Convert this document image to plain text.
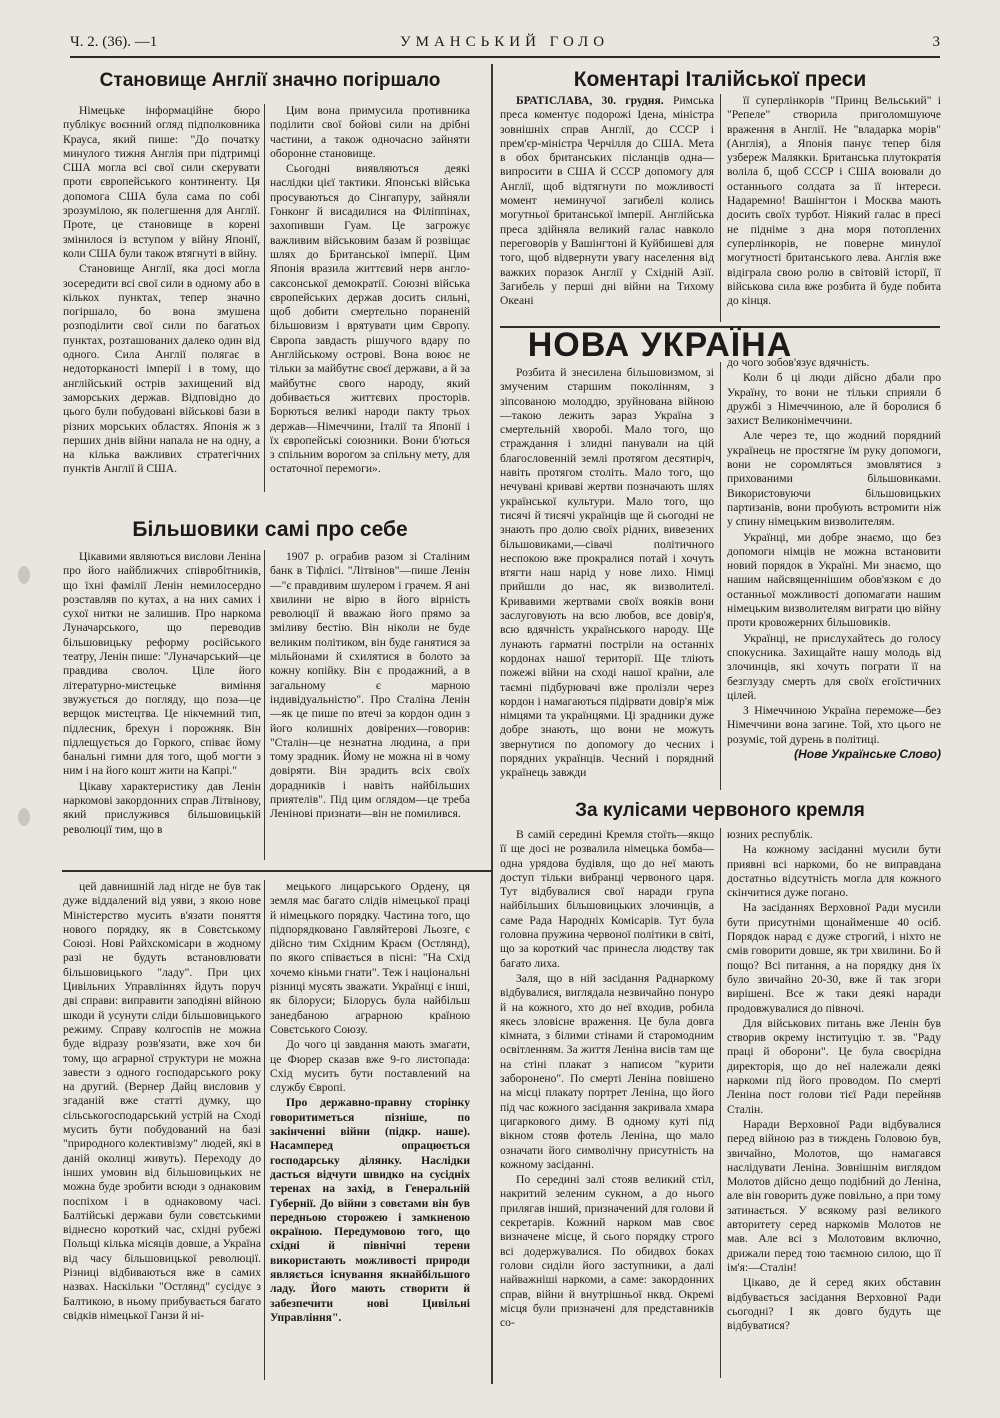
Ч. 2. (36). —1	УМАНСЬКИЙ ГОЛО	3
Становище Англії значно погіршало

Німецьке інформаційне бюро публікує воєнний огляд підполковника Крауса, який пише: "До початку минулого тижня Англія при підтримці США могла всі свої сили скерувати проти європейського континенту. Ця допомога США була сама по собі зрозумілою, як полегшення для Англії. Проте, це становище в корені змінилося із вступом у війну Японії, коли США були також втягнуті в війну.

Становище Англії, яка досі могла зосередити всі свої сили в одному або в кількох пунктах, тепер значно погіршало, бо вона змушена розподілити свої сили по багатьох пунктах, розташованих далеко один від одного. Сила Англії полягає в недоторканості імперії і в тому, що англійський острів захищений від заморських держав. Відповідно до цього були побудовані військові бази в різних морських областях. Японія ж з перших днів війни напала не на одну, а на кілька важливих стратегічних пунктів Англії й США.

Цим вона примусила противника поділити свої бойові сили на дрібні частини, а також одночасно зайняти оборонне становище.

Сьогодні виявляються деякі наслідки цієї тактики. Японські війська просуваються до Сінгапуру, зайняли Гонконг й висадилися на Філіппінах, захопивши Гуам. Це загрожує важливим військовим базам й розвіщає шлях до Британської імперії. Цим Японія вразила життєвий нерв англо-саксонської демократії. Союзні війська європейських держав досить сильні, щоб добити смертельно пораненій більшовизм і врятувати цим Європу. Європа завдасть рішучого вдару по Англійському острові. Вона воює не тільки за майбутнє своєї держави, а й за майбутнє свого народу, який добивається життєвих просторів. Борються великі народи пакту трьох держав—Німеччини, Італії та Японії і їх європейські союзники. Вони б'ються з спільним ворогом за спільну мету, для остаточної перемоги».

Більшовики самі про себе

Цікавими являються вислови Леніна про його найближчих співробітників, що їхні фамілії Ленін немилосердно розставляв по кутах, а на них самих і сухої нитки не залишив. Про наркома Луначарського, що переводив більшовицьку реформу російського театру, Ленін пише: "Луначарський—це правдива сволоч. Ціле його літературно-мистецьке виміння звужується до погляду, що поза—це верщок мистецтва. Це нікчемний тип, підлесник, брехун і порожняк. Він підлещується до Горкого, співає йому банальні гимни для того, щоб могти з ним і на його кошт жити на Капрі."

Цікаву характеристику дав Ленін наркомові закордонних справ Літвінову, який прислужився більшовицькій революції тим, що в

1907 р. ограбив разом зі Сталіним банк в Тіфлісі. "Літвінов"—пише Ленін—"є правдивим шулером і грачем. Я ані хвилини не вірю в його вірність революції й вважаю його прямо за зміливу бестію. Він ніколи не буде великим політиком, він буде ганятися за мільйонами й схилятися в болото за кожну копійку. Він є продажний, а в загальному є марною індивідуальністю". Про Сталіна Ленін—як це пише по втечі за кордон один з його колишніх довірених—говорив: "Сталін—це незнатна людина, а при тому зрадник. Йому не можна ні в чому довіряти. Він зрадить всіх своїх дорадників і навіть найбільших приятелів". Під цим оглядом—це треба Ленінові признати—він не помилився.

цей давнишній лад нігде не був так дуже віддалений від уяви, з якою нове Міністерство мусить в'язати поняття нового порядку, як в Совєтському Союзі. Нові Райхскомісари в жодному разі не будуть встановлювати більшовицького "ладу". При цих Цивільних Управліннях йдуть поруч дві справи: виправити заподіяні війною шкоди й усунути сліди більшовицького режиму. Справу колгоспів не можна буде відразу розв'язати, вже хоч би тому, що аграрної структури не можна завести з одного господарського року на другий. (Вернер Дайц висловив у згаданій вже статті думку, що сільськогосподарський устрій на Сході мусить бути побудований на базі "природного колективізму" людей, які в даній околиці живуть). Переходу до інших умовин від більшовицьких не можна буде зробити всюди з однаковим поспіхом і в однаковому часі. Балтійські держави були совєтськими віднесно короткий час, східні рубежі Польщі кілька місяців довше, а Україна від часу більшовицької революції. Різниці відбиваються вже в самих назвах. Наскільки "Остлянд" сусідує з Балтикою, в ньому прибувається багато свідків німецької Ганзи й ні-

мецького лицарського Ордену, ця земля має багато слідів німецької праці й німецького порядку. Частина того, що підпорядковано Гавляйтерові Льозге, є дійсно тим Східним Краєм (Остлянд), по якого співається в пісні: "На Схід хочемо кіньми гнати". Теж і національні різниці мусять зважати. Українці є інші, як білоруси; Білорусь була найбільш занедбаною аграрною країною Совєтського Союзу.

До чого ці завдання мають змагати, це Фюрер сказав вже 9-го листопада: Схід мусить бути поставлений на службу Європі.

Про державно-правну сторінку говоритиметься пізніше, по закінченні війни (підкр. наше). Насамперед опрацюється господарську ділянку. Наслідки дасться відчути швидко на сусідніх теренах на захід, в Генеральній Губернії. До війни з совєтами він був передньою сторожею і замкненою окраїною. Передумовою того, що східні й північні терени використають можливості природи являється існування якнайбільшого ладу. Його мають створити й забезпечити нові Цивільні Управління".

Коментарі Італійської преси

БРАТІСЛАВА, 30. грудня. Римська преса коментує подорожі Ідена, міністра зовнішніх справ Англії, до СССР і прем'єр-міністра Черчілля до США. Мета в обох британських післанців одна—випросити в США й СССР допомогу для Англії, щоб відтягнути по можливості момент неминучої загибелі колись могутньої британської імперії. Англійська преса здійняла великий галас навколо переговорів у Вашінгтоні й Куйбишеві для того, щоб відвернути увагу населення від важких поразок Англії у Східній Азії. Загибель у перші дні війни на Тихому Океані

її суперлінкорів "Принц Вельський" і "Репеле" створила приголомшуюче враження в Англії. Не "владарка морів" (Англія), а Японія панує тепер біля узбереж Малякки. Британська плутократія воліла б, щоб СССР і США воювали до останнього солдата за її інтереси. Надаремно! Вашінгтон і Москва мають досить своїх турбот. Ніякий галас в пресі не підніме з дна моря потоплених суперлінкорів, не поверне минулої могутності британського лева. Англія вже відіграла свою ролю в світовій історії, її військова сила вже розбита й буде побита до кінця.

НОВА УКРАЇНА

Розбита й знесилена більшовизмом, зі змученим старшим поколінням, з зіпсованою молоддю, зруйнована війною—такою лежить зараз Україна з смертельній хворобі. Мало того, що страждання і злидні панували на цій благословенній землі протягом десятиріч, навіть протягом століть. Мало того, що нечувані криваві жертви позначають шлях української культури. Мало того, що тисячі й тисячі українців ще й сьогодні не знають про долю своїх рідних, вивезених більшовиками,—сівачі політичного неспокою вже прокралися потай і хочуть втягти наш нарід у нове лихо. Німці прийшли до нас, як визволителі. Кривавими жертвами своїх вояків вони заслуговують на всю любов, все довір'я, всю вдячність українського народу. Ще лунають гарматні постріли на останніх кордонах нашої території. Ще тліють пожежі війни на сході нашої країни, але таємні підбурювачі вже пролізли через кордон і намагаються підірвати довір'я між німцями та українцями. Ці зрадники дуже добре знають, що вони не можуть звернутися по допомогу до чесних і порядних українців. Чесний і порядний українець завжди

до чого зобов'язує вдячність.

Коли б ці люди дійсно дбали про Україну, то вони не тільки сприяли б дружбі з Німеччиною, але й боролися б захист Великонімеччини.

Але через те, що жодний порядний українець не простягне їм руку допомоги, вони не соромляться змовлятися з прихованими більшовиками. Використовуючи більшовицьких партизанів, вони пробують встромити ніж у спину німецьким визволителям.

Українці, ми добре знаємо, що без допомоги німців не можна встановити новий порядок в Україні. Ми знаємо, що нашим найсвященнішим обов'язком є до останньої можливості допомагати нашим німецьким визволителям виграти цю війну проти кровожерних більшовиків.

Українці, не прислухайтесь до голосу спокусника. Захищайте нашу молодь від злочинців, які хочуть пограти її на безглузду смерть для своїх егоїстичних цілей.

З Німеччиною Україна переможе—без Німеччини вона загине. Той, хто цього не розуміє, той дурень в політиці.

(Нове Українське Слово)
За кулісами червоного кремля

В самій середині Кремля стоїть—якщо її ще досі не розвалила німецька бомба—одна урядова будівля, що до неї мають доступ тільки вибранці червоного царя. Тут відбувалися свої наради група найбільших більшовицьких злочинців, а саме Рада Народніх Комісарів. Тут була головна пружина червоної політики в світі, що за короткий час принесла людству так багато лиха.

Заля, що в ній засідання Раднаркому відбувалися, виглядала незвичайно понуро й на кожного, хто до неї входив, робила якесь зловісне враження. Це була довга кімната, з білими стінами й старомодним освітленням. За життя Леніна висів там ще на стіні плакат з написом "курити заборонено". По смерті Леніна повішено на місці плакату портрет Леніна, що його під час кожного засідання закривала хмара цигаркового диму. В одному куті під вікном стояв фотель Леніна, що мало означати його символічну присутність на кожному засіданні.

По середині залі стояв великий стіл, накритий зеленим сукном, а до нього прилягав інший, призначений для голови й секретарів. Кожний нарком мав своє визначене місце, й сього порядку строго всі додержувалися. По обидвох боках голови сиділи його заступники, а далі найважніші наркоми, а саме: закордонних справ, війни й внутрішньої нквд. Окремі місця були призначені для представників со-

юзних республік.

На кожному засіданні мусили бути приявні всі наркоми, бо не виправдана достатньо відсутність могла для кожного скінчитися дуже погано.

На засіданнях Верховної Ради мусили бути присутніми щонайменше 40 осіб. Порядок нарад є дуже строгий, і ніхто не смів говорити довше, як три хвилини. Бо й пощо? Всі питання, а на порядку дня їх було звичайно 20-30, вже й так згори вирішені. Все ж таки деякі наради продовжувалися до півночі.

Для військових питань вже Ленін був створив окрему інституцію т. зв. "Раду праці й оборони". Це була своєрідна директорія, що до неї належали деякі наркоми під його проводом. По смерті Леніна пост голови тієї Ради перейняв Сталін.

Наради Верховної Ради відбувалися перед війною раз в тиждень Головою був, звичайно, Молотов, що намагався наслідувати Леніна. Зовнішнім виглядом Молотов дійсно дещо подібний до Леніна, але він говорить дуже повільно, а при тому затинається. У всякому разі великого авторитету серед наркомів Молотов не мав. Але всі з Молотовим включно, дрижали перед тою таємною силою, що її ім'я:—Сталін!

Цікаво, де й серед яких обставин відбувається засідання Верховної Ради сьогодні? І як довго будуть ще відбуватися?
